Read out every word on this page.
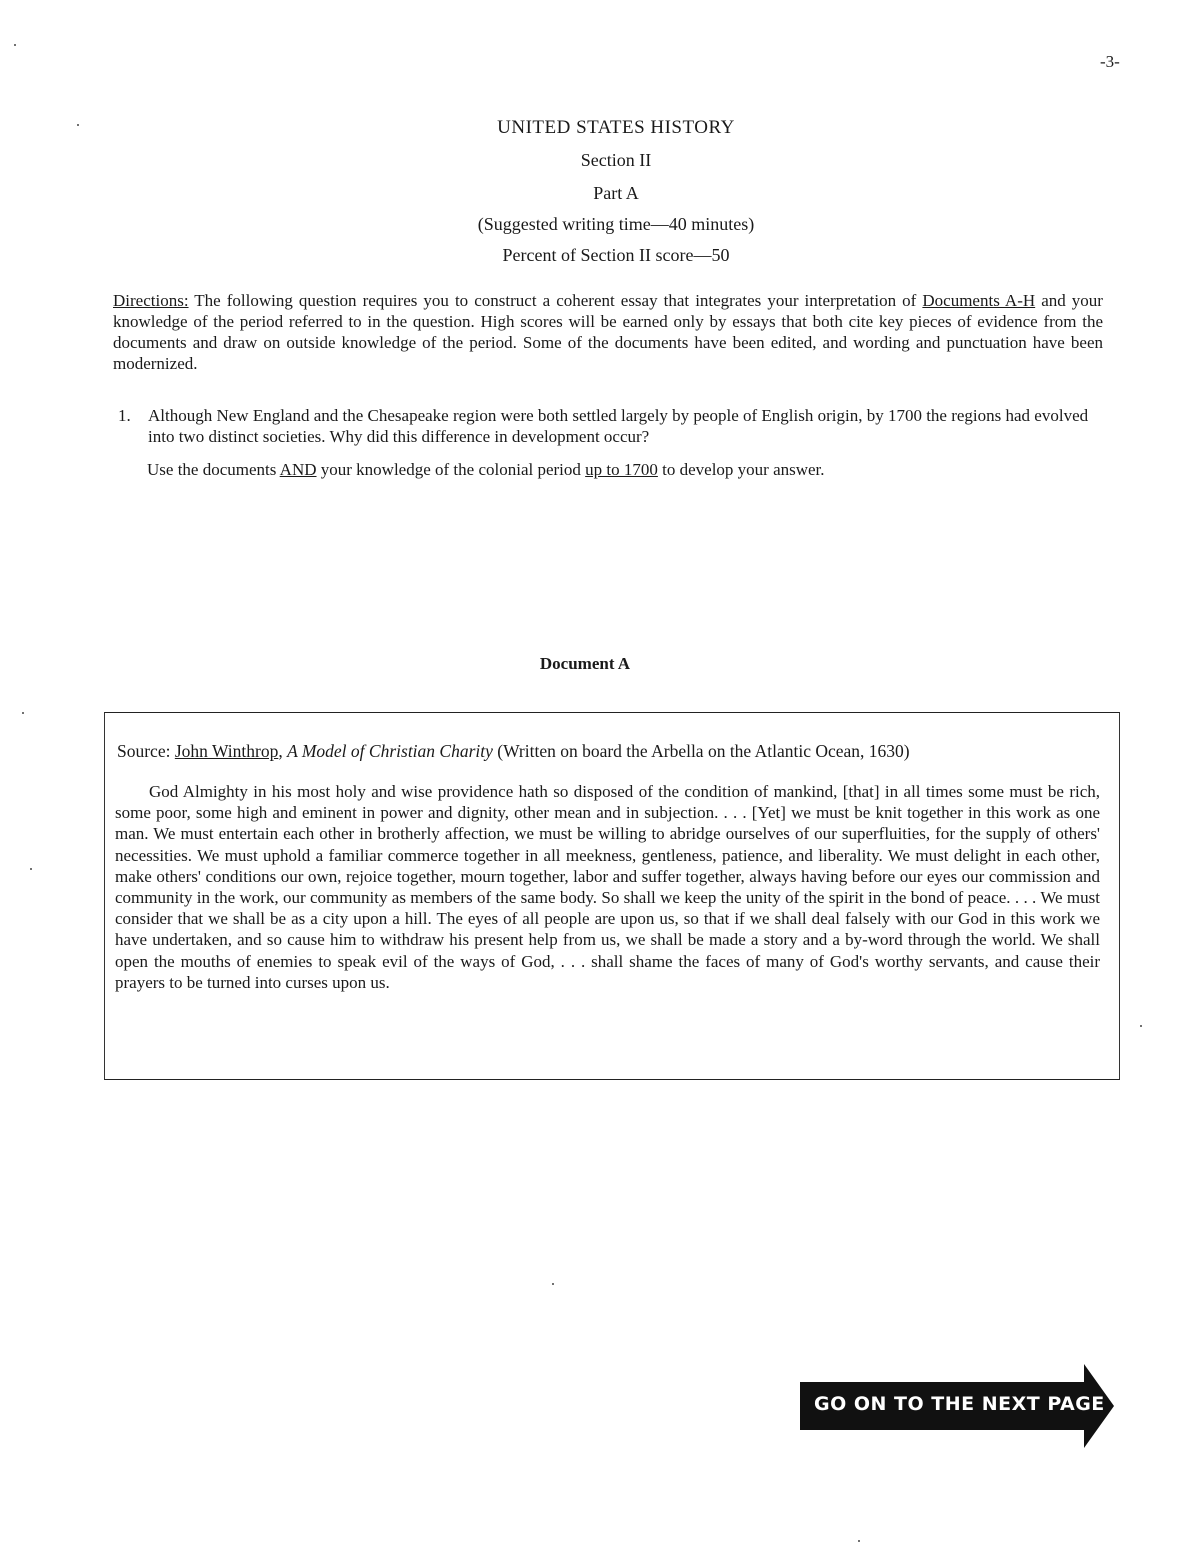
-3-
UNITED STATES HISTORY
Section II
Part A
(Suggested writing time—40 minutes)
Percent of Section II score—50
Directions: The following question requires you to construct a coherent essay that integrates your interpretation of Documents A-H and your knowledge of the period referred to in the question. High scores will be earned only by essays that both cite key pieces of evidence from the documents and draw on outside knowledge of the period. Some of the documents have been edited, and wording and punctuation have been modernized.
1. Although New England and the Chesapeake region were both settled largely by people of English origin, by 1700 the regions had evolved into two distinct societies. Why did this difference in development occur?
Use the documents AND your knowledge of the colonial period up to 1700 to develop your answer.
Document A
Source: John Winthrop, A Model of Christian Charity (Written on board the Arbella on the Atlantic Ocean, 1630)

God Almighty in his most holy and wise providence hath so disposed of the condition of mankind, [that] in all times some must be rich, some poor, some high and eminent in power and dignity, other mean and in subjection. . . . [Yet] we must be knit together in this work as one man. We must entertain each other in brotherly affection, we must be willing to abridge ourselves of our superfluities, for the supply of others' necessities. We must uphold a familiar commerce together in all meekness, gentleness, patience, and liberality. We must delight in each other, make others' conditions our own, rejoice together, mourn together, labor and suffer together, always having before our eyes our commission and community in the work, our community as members of the same body. So shall we keep the unity of the spirit in the bond of peace. . . . We must consider that we shall be as a city upon a hill. The eyes of all people are upon us, so that if we shall deal falsely with our God in this work we have undertaken, and so cause him to withdraw his present help from us, we shall be made a story and a by-word through the world. We shall open the mouths of enemies to speak evil of the ways of God, . . . shall shame the faces of many of God's worthy servants, and cause their prayers to be turned into curses upon us.

GO ON TO THE NEXT PAGE
